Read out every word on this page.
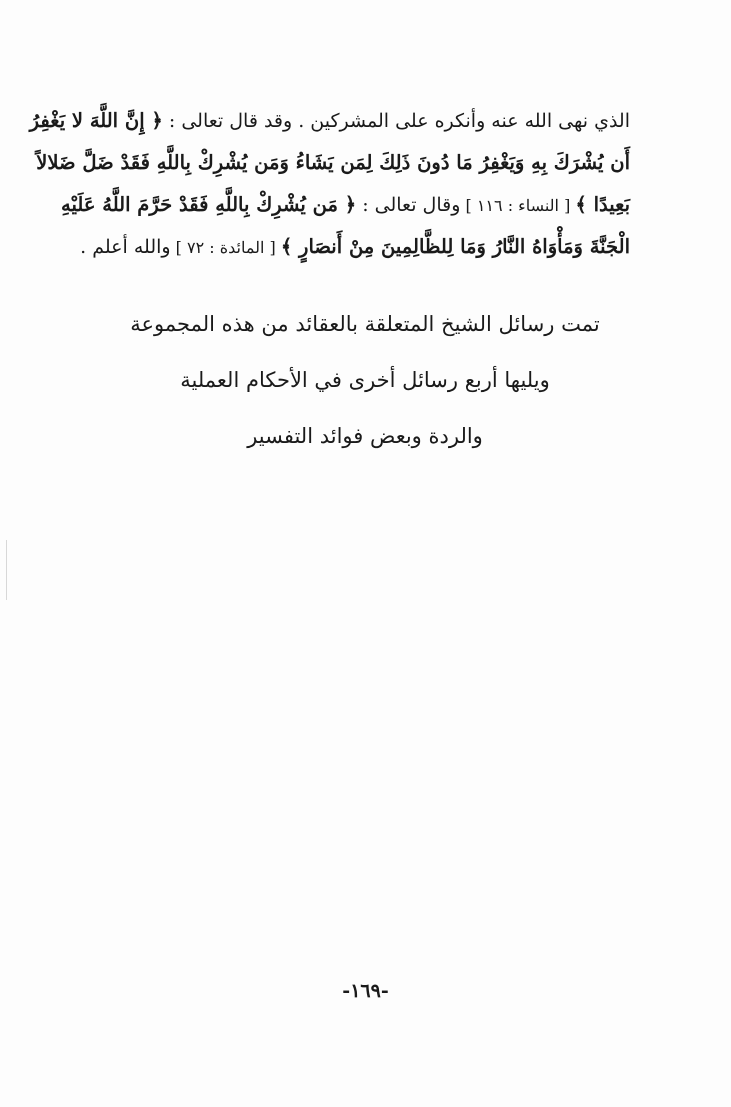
الذي نهى الله عنه وأنكره على المشركين . وقد قال تعالى : ﴿ إِنَّ اللَّهَ لا يَغْفِرُ
أَن يُشْرَكَ بِهِ وَيَغْفِرُ مَا دُونَ ذَلِكَ لِمَن يَشَاءُ وَمَن يُشْرِكْ بِاللَّهِ فَقَدْ ضَلَّ ضَلالاً
بَعِيدًا ﴾ [ النساء : ١١٦ ] وقال تعالى : ﴿ مَن يُشْرِكْ بِاللَّهِ فَقَدْ حَرَّمَ اللَّهُ عَلَيْهِ
الْجَنَّةَ وَمَأْوَاهُ النَّارُ وَمَا لِلظَّالِمِينَ مِنْ أَنصَارٍ ﴾ [ المائدة : ٧٢ ] والله أعلم .
تمت رسائل الشيخ المتعلقة بالعقائد من هذه المجموعة
ويليها أربع رسائل أخرى في الأحكام العملية
والردة وبعض فوائد التفسير
-١٦٩-
